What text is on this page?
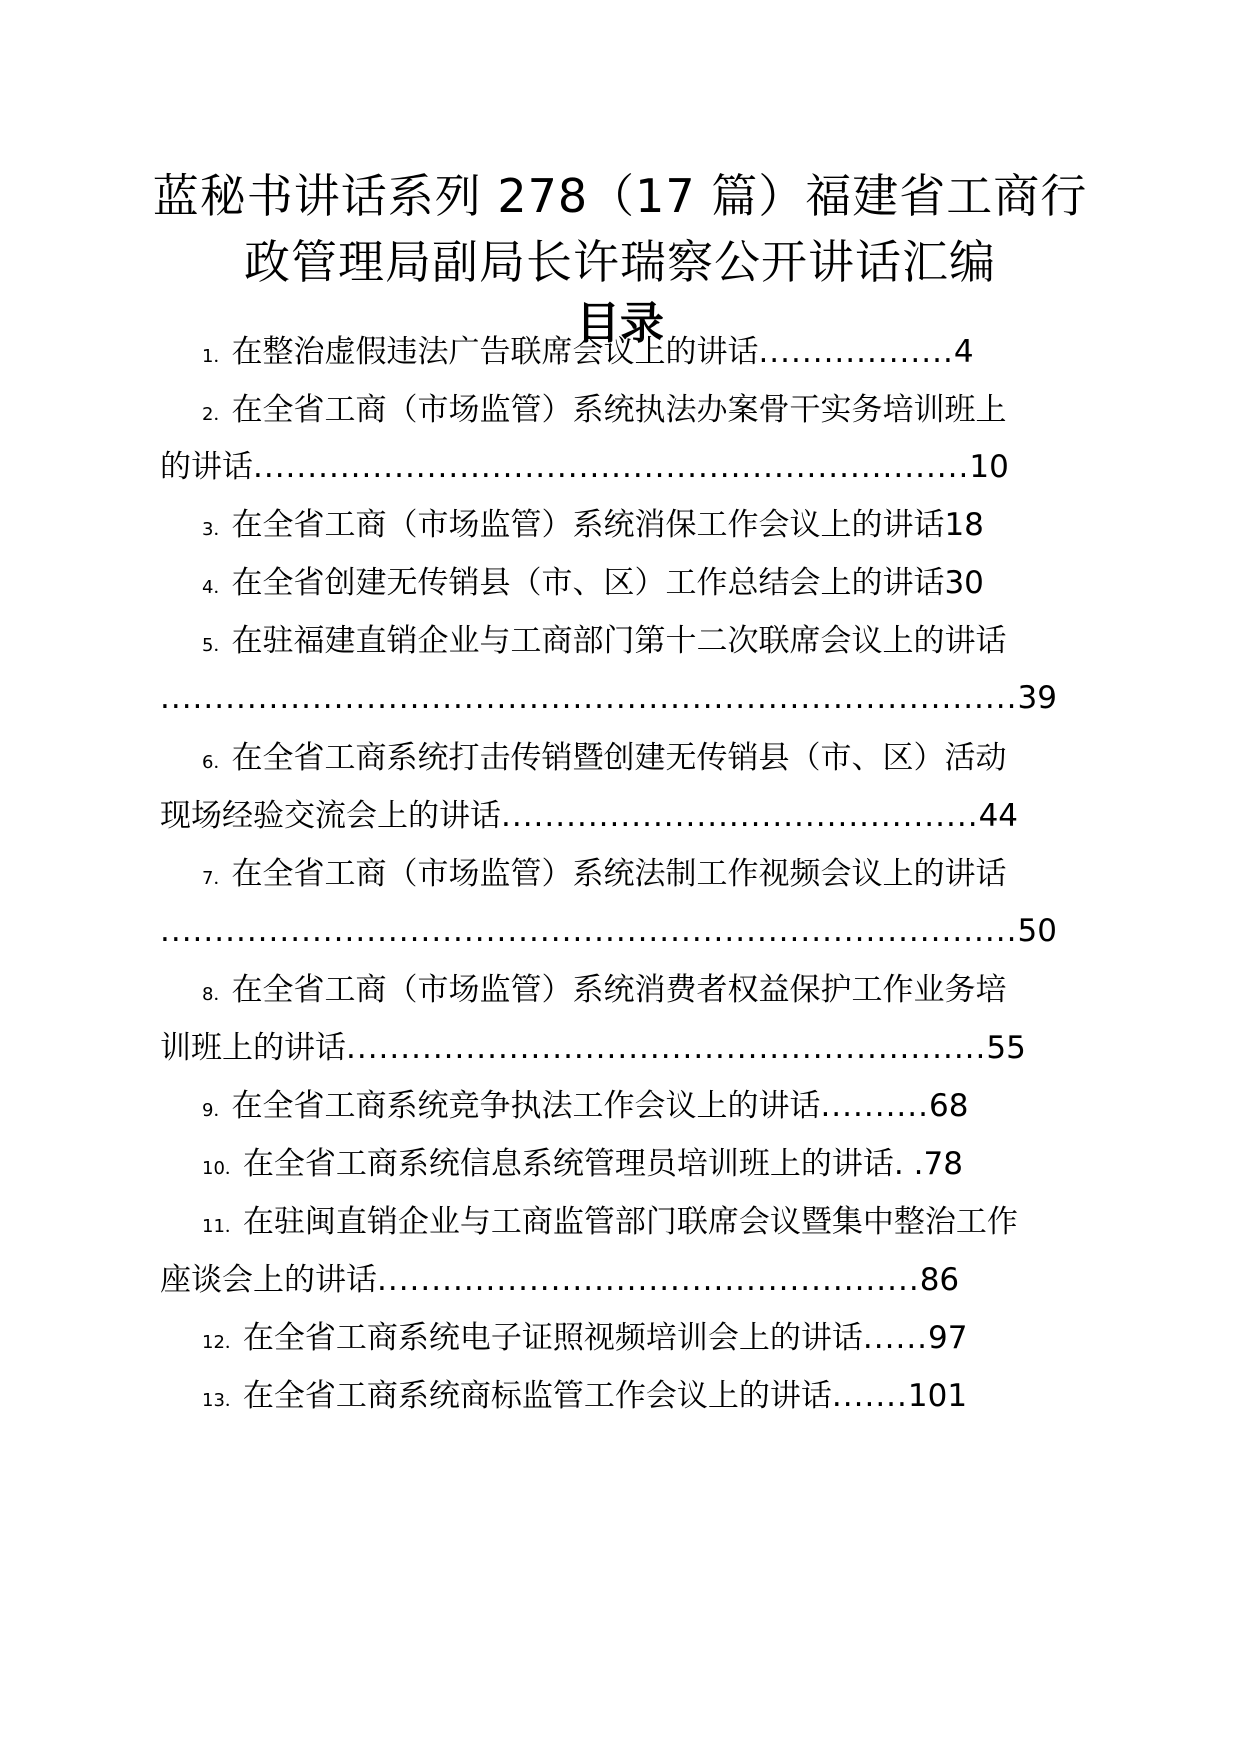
蓝秘书讲话系列 278（17 篇）福建省工商行
政管理局副局长许瑞察公开讲话汇编
目录
1．在整治虚假违法广告联席会议上的讲话..................4
2．在全省工商（市场监管）系统执法办案骨干实务培训班上
的讲话..................................................................10
3．在全省工商（市场监管）系统消保工作会议上的讲话18
4．在全省创建无传销县（市、区）工作总结会上的讲话30
5．在驻福建直销企业与工商部门第十二次联席会议上的讲话
...............................................................................39
6．在全省工商系统打击传销暨创建无传销县（市、区）活动
现场经验交流会上的讲话............................................44
7．在全省工商（市场监管）系统法制工作视频会议上的讲话
...............................................................................50
8．在全省工商（市场监管）系统消费者权益保护工作业务培
训班上的讲话...........................................................55
9．在全省工商系统竞争执法工作会议上的讲话..........68
10．在全省工商系统信息系统管理员培训班上的讲话. .78
11．在驻闽直销企业与工商监管部门联席会议暨集中整治工作
座谈会上的讲话..................................................86
12．在全省工商系统电子证照视频培训会上的讲话......97
13．在全省工商系统商标监管工作会议上的讲话.......101
